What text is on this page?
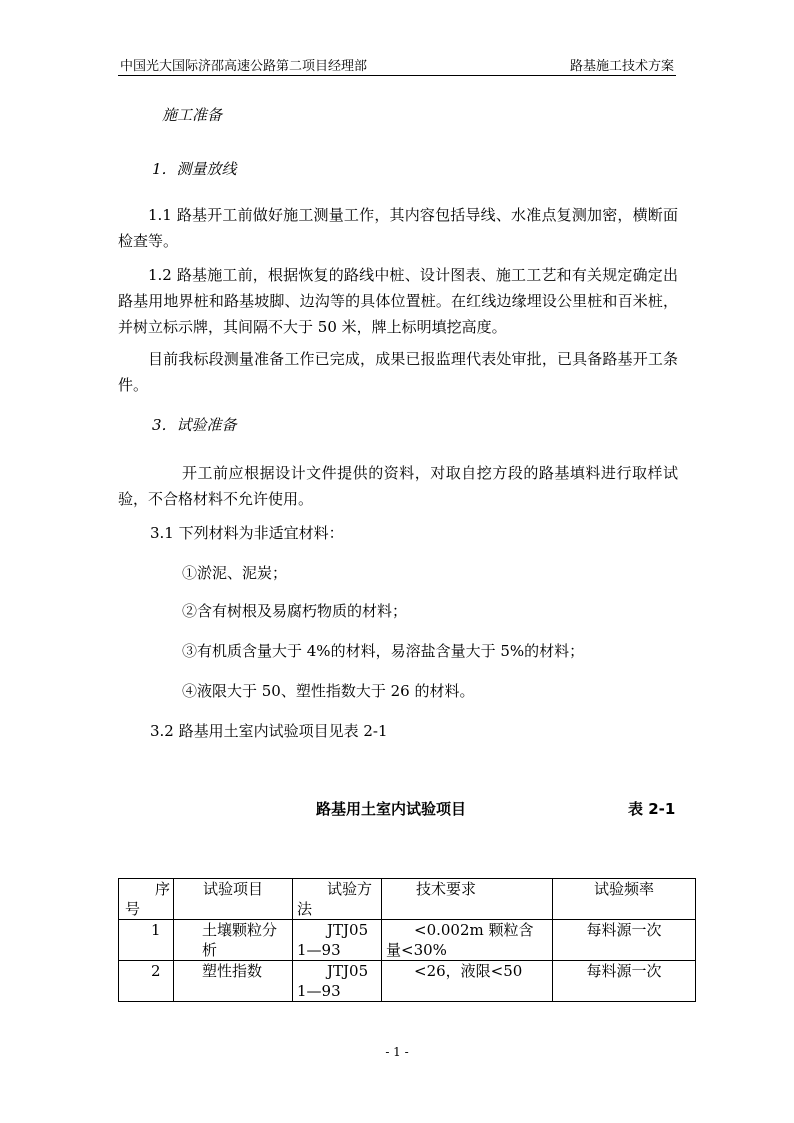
中国光大国际济邵高速公路第二项目经理部	路基施工技术方案
施工准备
1．测量放线
1.1 路基开工前做好施工测量工作，其内容包括导线、水准点复测加密，横断面检查等。
1.2 路基施工前，根据恢复的路线中桩、设计图表、施工工艺和有关规定确定出路基用地界桩和路基坡脚、边沟等的具体位置桩。在红线边缘埋设公里桩和百米桩，并树立标示牌，其间隔不大于 50 米，牌上标明填挖高度。
目前我标段测量准备工作已完成，成果已报监理代表处审批，已具备路基开工条件。
3．试验准备
开工前应根据设计文件提供的资料，对取自挖方段的路基填料进行取样试验，不合格材料不允许使用。
3.1 下列材料为非适宜材料：
①淤泥、泥炭；
②含有树根及易腐朽物质的材料；
③有机质含量大于 4%的材料，易溶盐含量大于 5%的材料；
④液限大于 50、塑性指数大于 26 的材料。
3.2 路基用土室内试验项目见表 2-1
路基用土室内试验项目	表 2-1
序号	试验项目	试验方法	技术要求	试验频率
1	土壤颗粒分析	JTJ051—93	<0.002m 颗粒含量<30%	每料源一次
2	塑性指数	JTJ051—93	<26，液限<50	每料源一次
- 1 -
